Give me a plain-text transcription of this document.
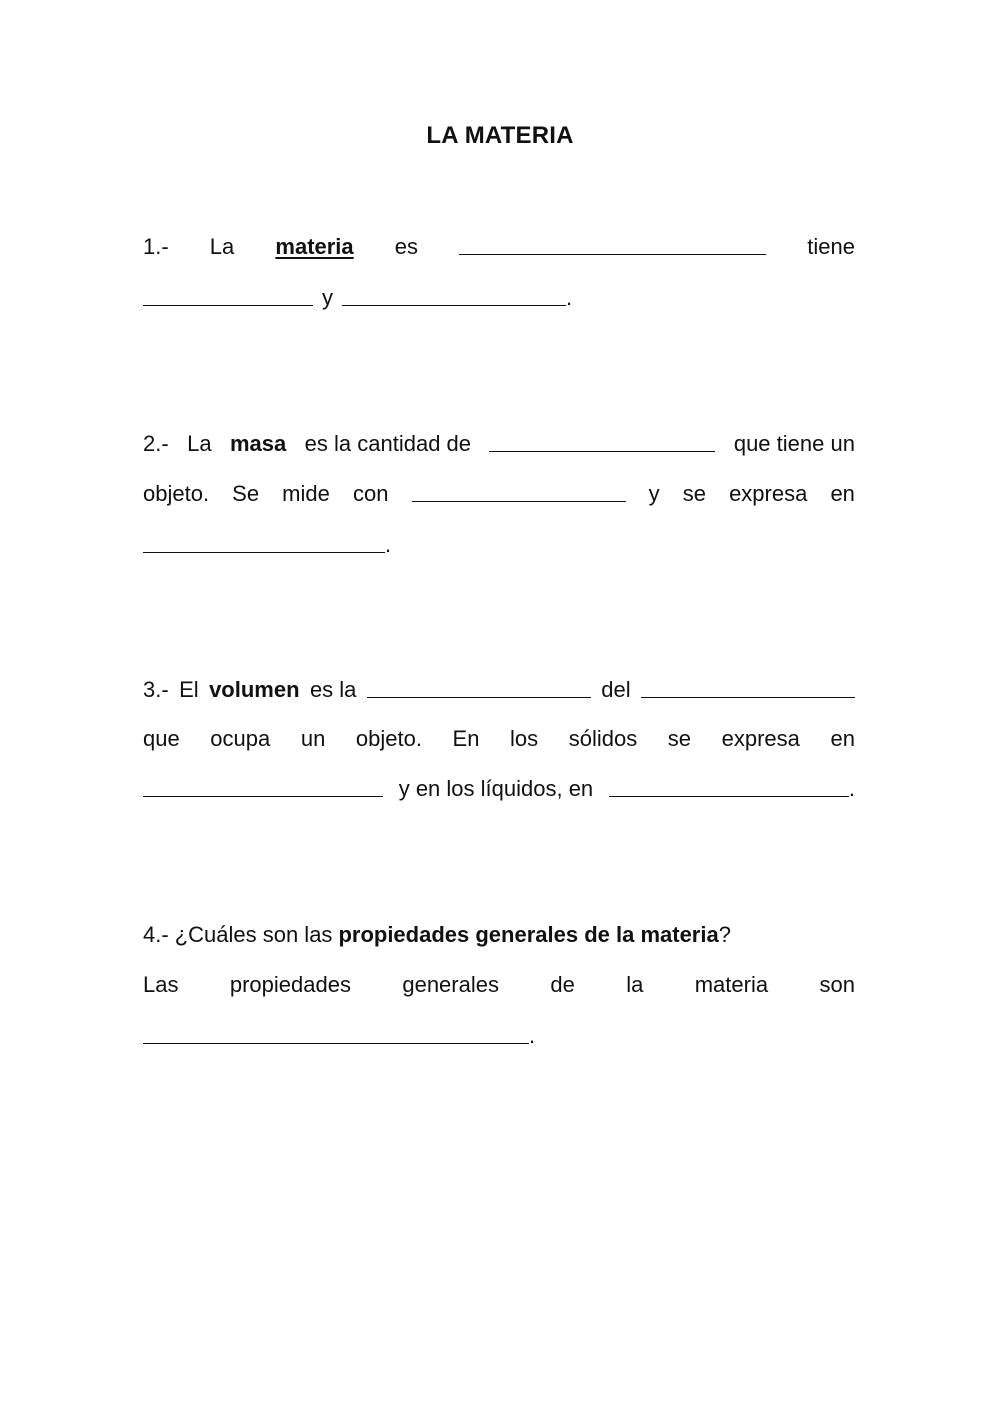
LA MATERIA
1.- La materia es	tiene
y	.
2.- La masa es la cantidad de	que tiene un
objeto. Se mide con	y se expresa en
.
3.- El volumen es la	del
que ocupa un objeto. En los sólidos se expresa en
y en los líquidos, en	.
4.- ¿Cuáles son las propiedades generales de la materia ?
Las propiedades generales de la materia son
.
